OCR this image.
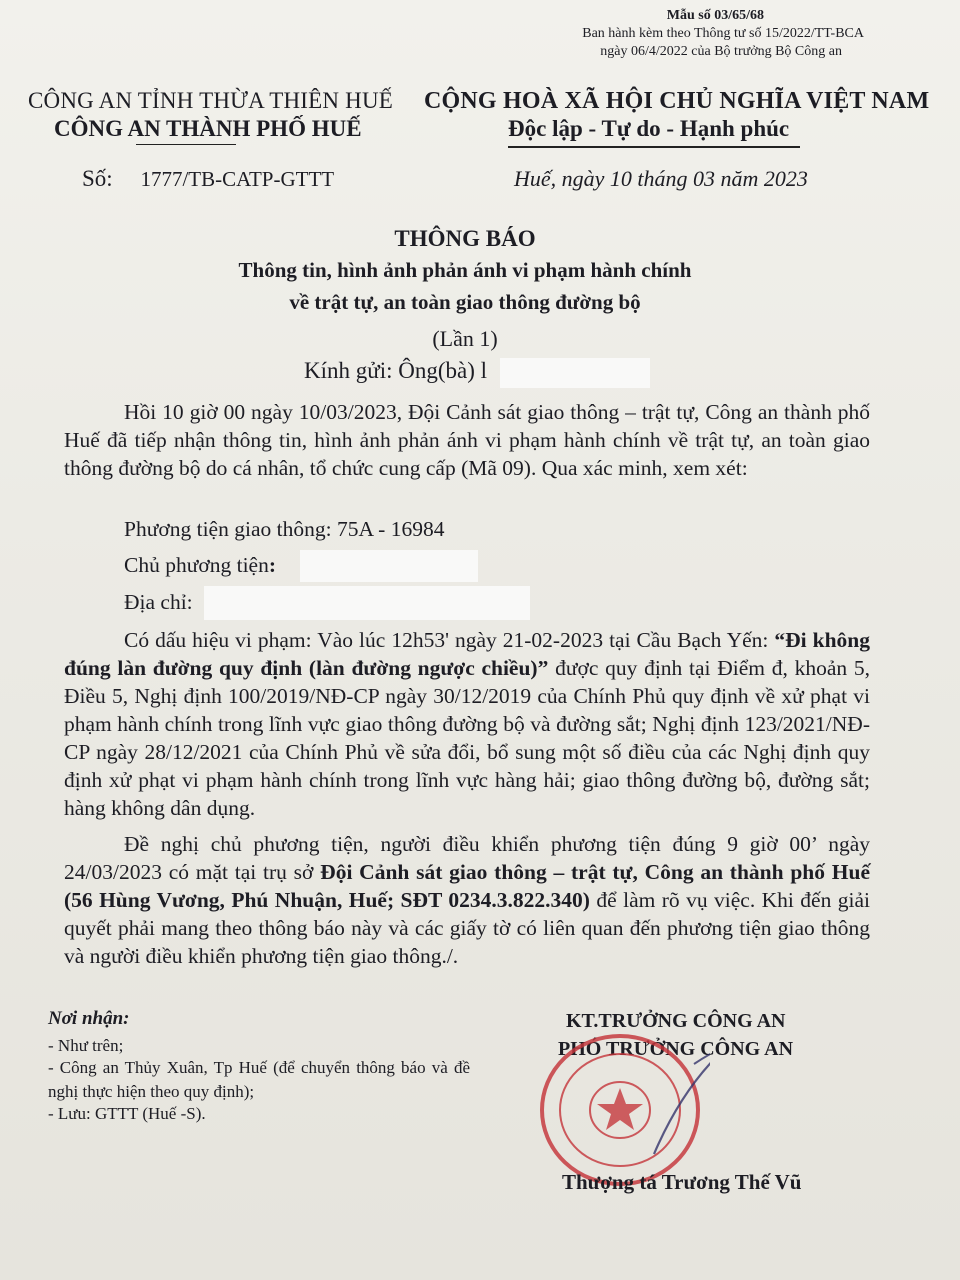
Mẫu số 03/65/68
Ban hành kèm theo Thông tư số 15/2022/TT-BCA
ngày 06/4/2022 của Bộ trưởng Bộ Công an
CÔNG AN TỈNH THỪA THIÊN HUẾ
CÔNG AN THÀNH PHỐ HUẾ
CỘNG HOÀ XÃ HỘI CHỦ NGHĨA VIỆT NAM
Độc lập - Tự do - Hạnh phúc
Số: 1777/TB-CATP-GTTT	Huế, ngày 10 tháng 03 năm 2023
THÔNG BÁO
Thông tin, hình ảnh phản ánh vi phạm hành chính
về trật tự, an toàn giao thông đường bộ
(Lần 1)
Kính gửi: Ông(bà) l

Hồi 10 giờ 00 ngày 10/03/2023, Đội Cảnh sát giao thông – trật tự, Công an thành phố Huế đã tiếp nhận thông tin, hình ảnh phản ánh vi phạm hành chính về trật tự, an toàn giao thông đường bộ do cá nhân, tổ chức cung cấp (Mã 09). Qua xác minh, xem xét:

Phương tiện giao thông: 75A - 16984
Chủ phương tiện:
Địa chỉ:

Có dấu hiệu vi phạm: Vào lúc 12h53' ngày 21-02-2023 tại Cầu Bạch Yến: “Đi không đúng làn đường quy định (làn đường ngược chiều)” được quy định tại Điểm đ, khoản 5, Điều 5, Nghị định 100/2019/NĐ-CP ngày 30/12/2019 của Chính Phủ quy định về xử phạt vi phạm hành chính trong lĩnh vực giao thông đường bộ và đường sắt; Nghị định 123/2021/NĐ-CP ngày 28/12/2021 của Chính Phủ về sửa đổi, bổ sung một số điều của các Nghị định quy định xử phạt vi phạm hành chính trong lĩnh vực hàng hải; giao thông đường bộ, đường sắt; hàng không dân dụng.

Đề nghị chủ phương tiện, người điều khiển phương tiện đúng 9 giờ 00’ ngày 24/03/2023 có mặt tại trụ sở Đội Cảnh sát giao thông – trật tự, Công an thành phố Huế (56 Hùng Vương, Phú Nhuận, Huế; SĐT 0234.3.822.340) để làm rõ vụ việc. Khi đến giải quyết phải mang theo thông báo này và các giấy tờ có liên quan đến phương tiện giao thông và người điều khiển phương tiện giao thông./.

Nơi nhận:
- Như trên;
- Công an Thủy Xuân, Tp Huế (để chuyển thông báo và đề nghị thực hiện theo quy định);
- Lưu: GTTT (Huế -S).
KT.TRƯỞNG CÔNG AN
PHÓ TRƯỞNG CÔNG AN
Thượng tá Trương Thế Vũ
